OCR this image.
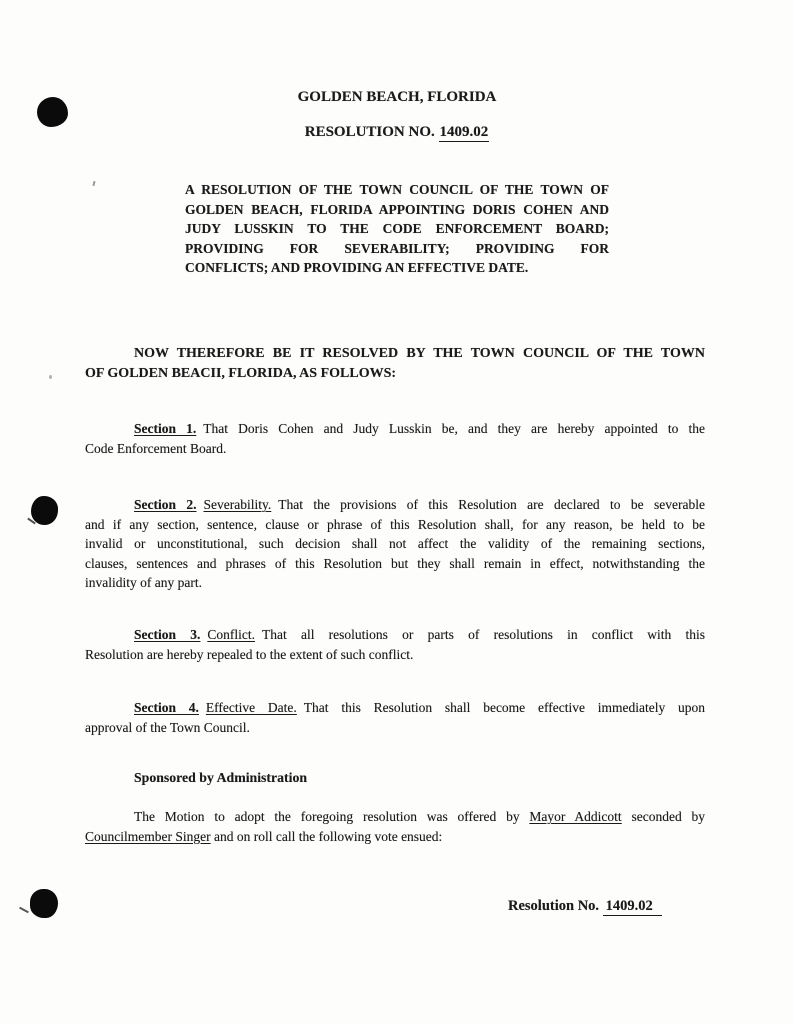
GOLDEN BEACH, FLORIDA
RESOLUTION NO. 1409.02
A RESOLUTION OF THE TOWN COUNCIL OF THE TOWN OF
GOLDEN BEACH, FLORIDA APPOINTING DORIS COHEN AND
JUDY LUSSKIN TO THE CODE ENFORCEMENT BOARD;
PROVIDING FOR SEVERABILITY; PROVIDING FOR
CONFLICTS; AND PROVIDING AN EFFECTIVE DATE.
NOW THEREFORE BE IT RESOLVED BY THE TOWN COUNCIL OF THE TOWN
OF GOLDEN BEACII, FLORIDA, AS FOLLOWS:
Section 1. That Doris Cohen and Judy Lusskin be, and they are hereby appointed to the
Code Enforcement Board.
Section 2. Severability. That the provisions of this Resolution are declared to be severable
and if any section, sentence, clause or phrase of this Resolution shall, for any reason, be held to be
invalid or unconstitutional, such decision shall not affect the validity of the remaining sections,
clauses, sentences and phrases of this Resolution but they shall remain in effect, notwithstanding the
invalidity of any part.
Section 3. Conflict. That all resolutions or parts of resolutions in conflict with this
Resolution are hereby repealed to the extent of such conflict.
Section 4. Effective Date. That this Resolution shall become effective immediately upon
approval of the Town Council.
Sponsored by Administration
The Motion to adopt the foregoing resolution was offered by Mayor Addicott seconded by
Councilmember Singer and on roll call the following vote ensued:
Resolution No. 1409.02
